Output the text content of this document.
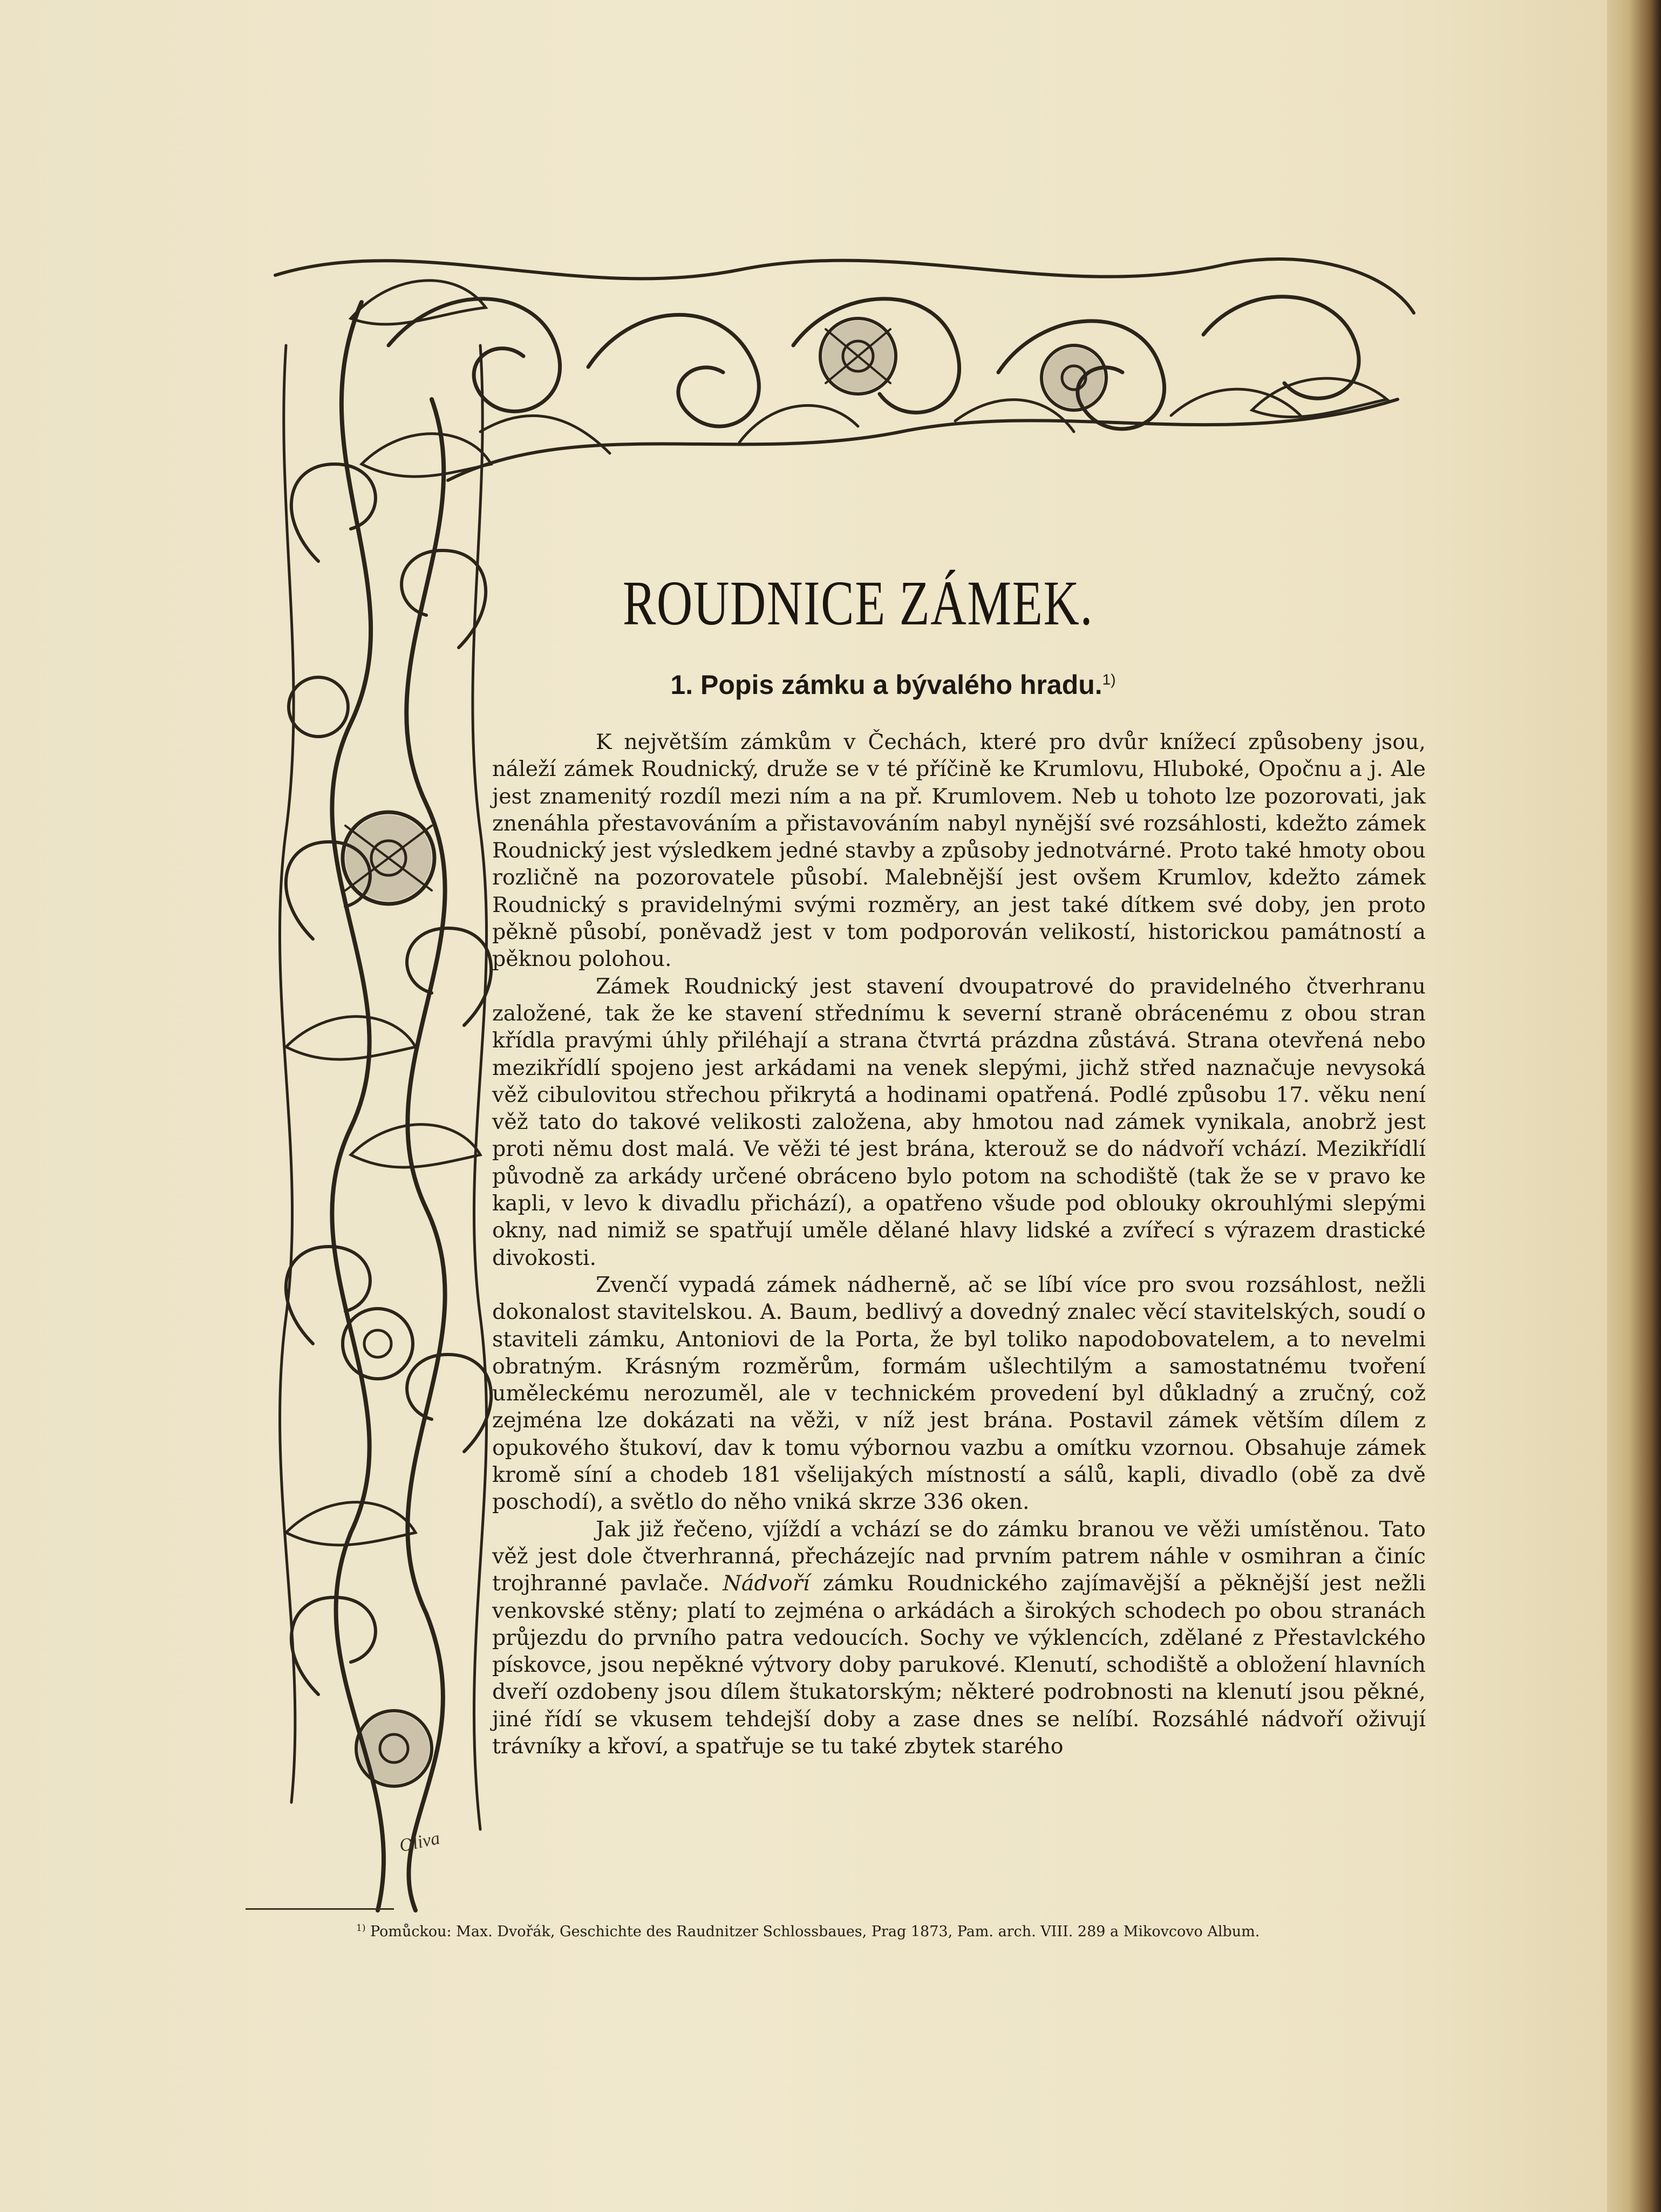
ROUDNICE ZÁMEK.
1. Popis zámku a bývalého hradu.$^{1)}$

K největším zámkům v Čechách, které pro dvůr knížecí způsobeny jsou, náleží zámek Roudnický, druže se v té příčině ke Krumlovu, Hluboké, Opočnu a j. Ale jest znamenitý rozdíl mezi ním a na př. Krumlovem. Neb u tohoto lze pozorovati, jak znenáhla přestavováním a přistavováním nabyl nynější své rozsáhlosti, kdežto zámek Roudnický jest výsledkem jedné stavby a způsoby jednotvárné. Proto také hmoty obou rozličně na pozorovatele působí. Malebnější jest ovšem Krumlov, kdežto zámek Roudnický s pravidelnými svými rozměry, an jest také dítkem své doby, jen proto pěkně působí, poněvadž jest v tom podporován velikostí, historickou památností a pěknou polohou.

Zámek Roudnický jest stavení dvoupatrové do pravidelného čtverhranu založené, tak že ke stavení střednímu k severní straně obrácenému z obou stran křídla pravými úhly přiléhají a strana čtvrtá prázdna zůstává. Strana otevřená nebo mezikřídlí spojeno jest arkádami na venek slepými, jichž střed naznačuje nevysoká věž cibulovitou střechou přikrytá a hodinami opatřená. Podlé způsobu 17. věku není věž tato do takové velikosti založena, aby hmotou nad zámek vynikala, anobrž jest proti němu dost malá. Ve věži té jest brána, kterouž se do nádvoří vchází. Mezikřídlí původně za arkády určené obráceno bylo potom na schodiště (tak že se v pravo ke kapli, v levo k divadlu přichází), a opatřeno všude pod oblouky okrouhlými slepými okny, nad nimiž se spatřují uměle dělané hlavy lidské a zvířecí s výrazem drastické divokosti.

Zvenčí vypadá zámek nádherně, ač se líbí více pro svou rozsáhlost, nežli dokonalost stavitelskou. A. Baum, bedlivý a dovedný znalec věcí stavitelských, soudí o staviteli zámku, Antoniovi de la Porta, že byl toliko napodobovatelem, a to nevelmi obratným. Krásným rozměrům, formám ušlechtilým a samostatnému tvoření uměleckému nerozuměl, ale v technickém provedení byl důkladný a zručný, což zejména lze dokázati na věži, v níž jest brána. Postavil zámek větším dílem z opukového štukoví, dav k tomu výbornou vazbu a omítku vzornou. Obsahuje zámek kromě síní a chodeb 181 všelijakých místností a sálů, kapli, divadlo (obě za dvě poschodí), a světlo do něho vniká skrze 336 oken.

Jak již řečeno, vjíždí a vchází se do zámku branou ve věži umístěnou. Tato věž jest dole čtverhranná, přecházejíc nad prvním patrem náhle v osmihran a činíc trojhranné pavlače. Nádvoří zámku Roudnického zajímavější a pěknější jest nežli venkovské stěny; platí to zejména o arkádách a širokých schodech po obou stranách průjezdu do prvního patra vedoucích. Sochy ve výklencích, zdělané z Přestavlckého pískovce, jsou nepěkné výtvory doby parukové. Klenutí, schodiště a obložení hlavních dveří ozdobeny jsou dílem štukatorským; některé podrobnosti na klenutí jsou pěkné, jiné řídí se vkusem tehdejší doby a zase dnes se nelíbí. Rozsáhlé nádvoří oživují trávníky a křoví, a spatřuje se tu také zbytek starého

Oliva
$^{1)}$ Pomůckou: Max. Dvořák, Geschichte des Raudnitzer Schlossbaues, Prag 1873, Pam. arch. VIII. 289 a Mikovcovo Album.
